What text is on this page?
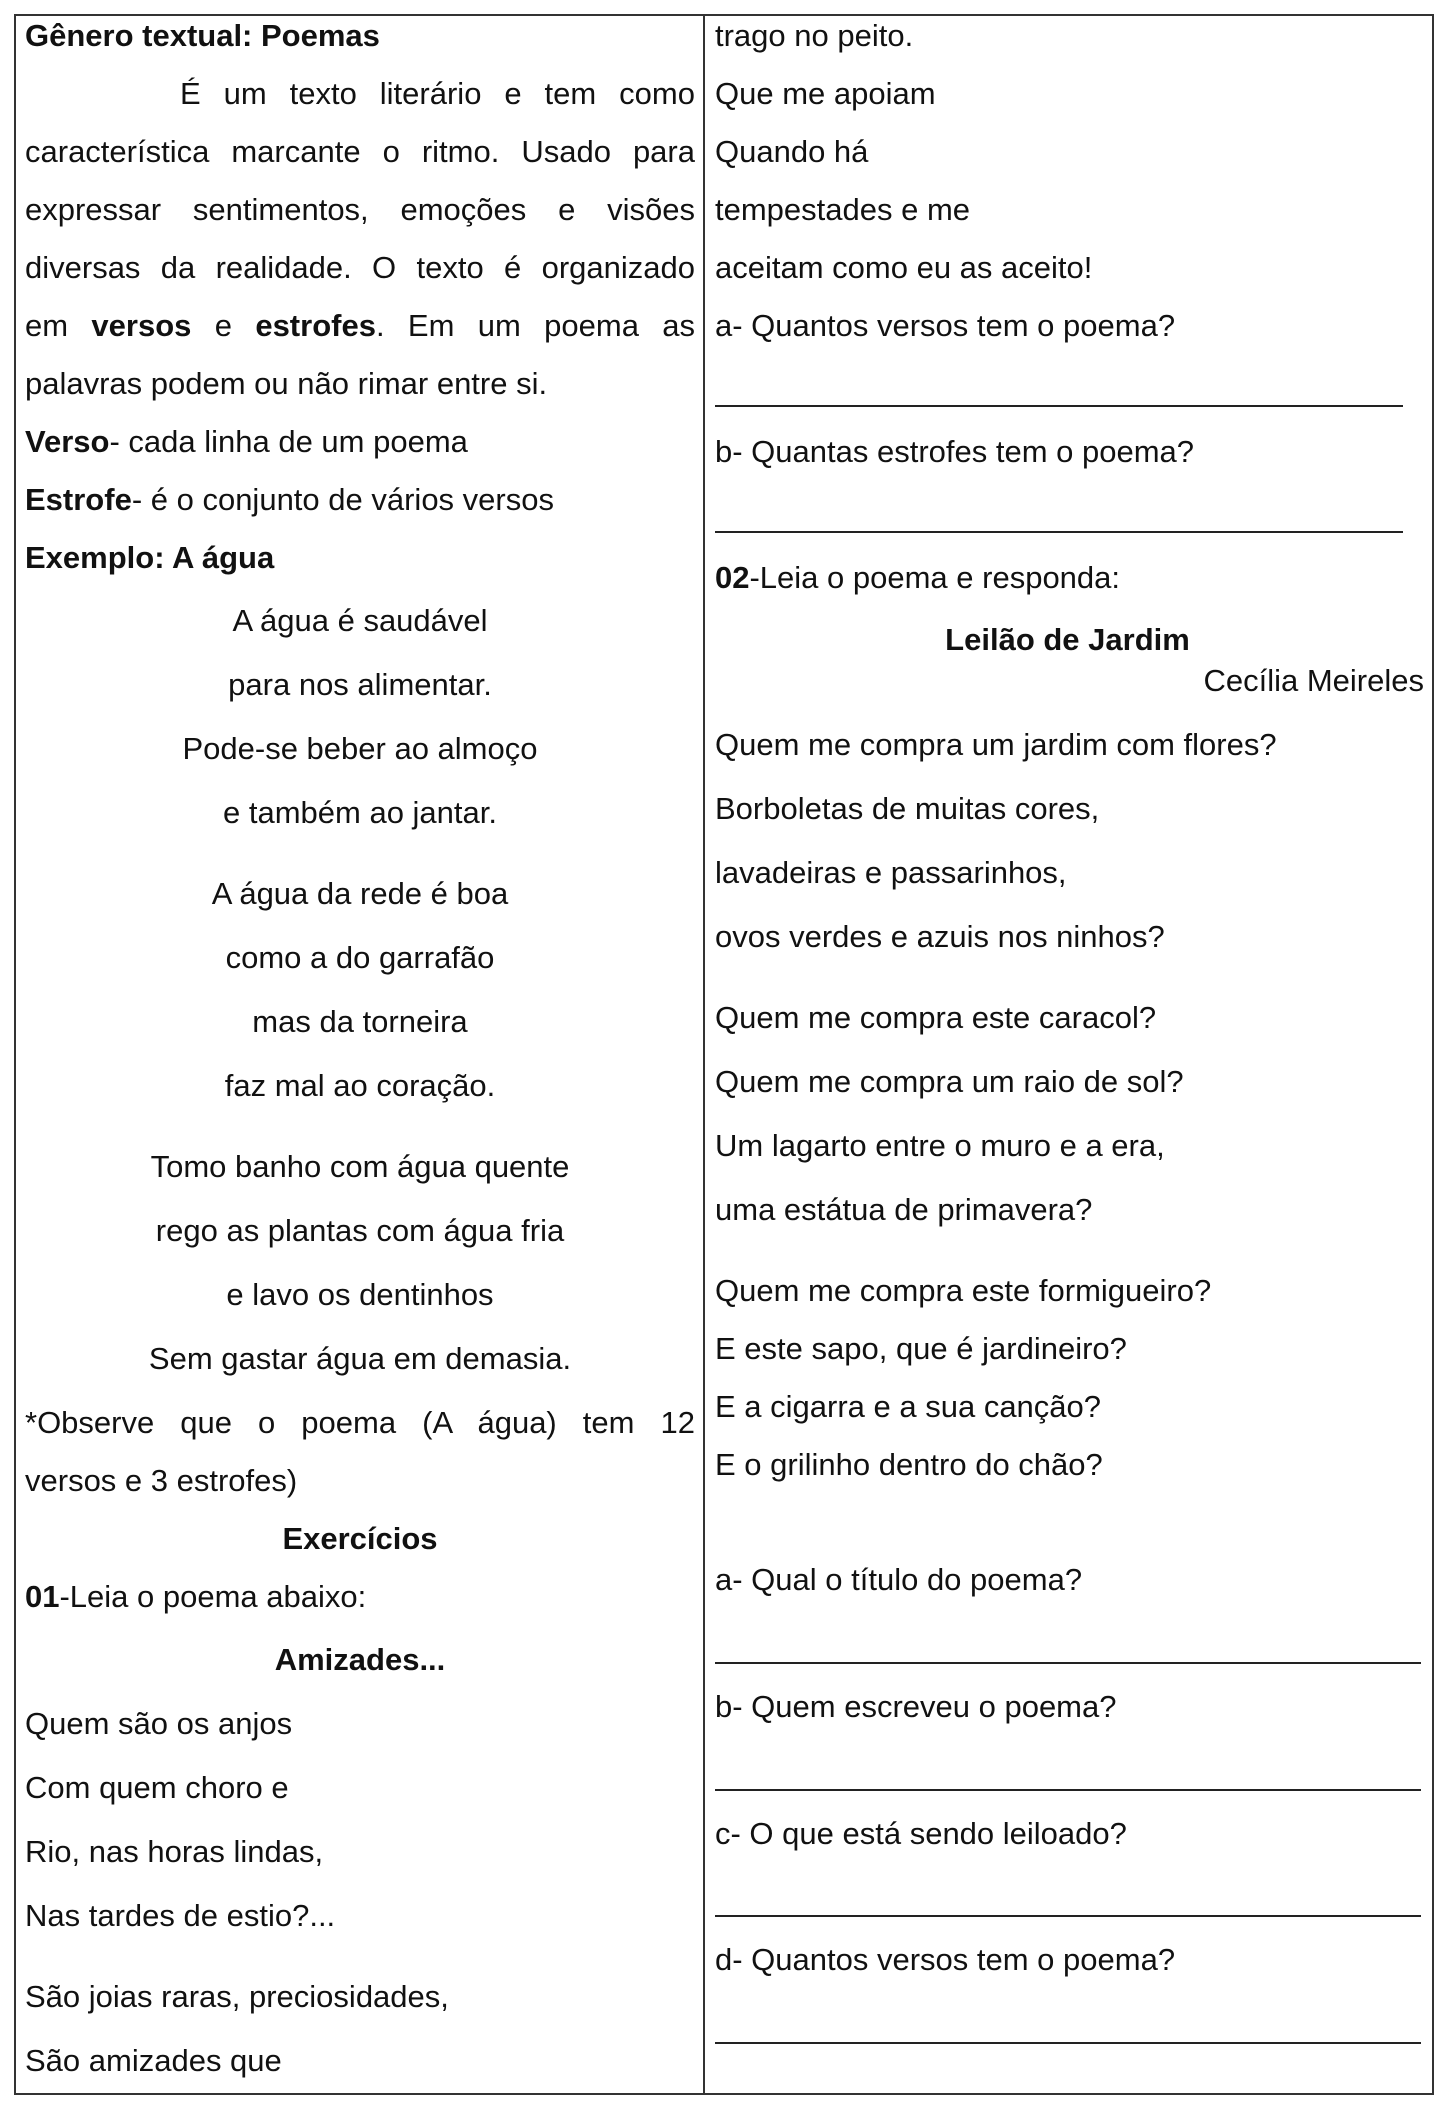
Gênero textual: Poemas
É um texto literário e tem como
característica marcante o ritmo. Usado para
expressar sentimentos, emoções e visões
diversas da realidade. O texto é organizado
em versos e estrofes. Em um poema as
palavras podem ou não rimar entre si.
Verso- cada linha de um poema
Estrofe- é o conjunto de vários versos
Exemplo: A água
A água é saudável
para nos alimentar.
Pode-se beber ao almoço
e também ao jantar.
A água da rede é boa
como a do garrafão
mas da torneira
faz mal ao coração.
Tomo banho com água quente
rego as plantas com água fria
e lavo os dentinhos
Sem gastar água em demasia.
*Observe que o poema (A água) tem 12
versos e 3 estrofes)
Exercícios
01-Leia o poema abaixo:
Amizades...
Quem são os anjos
Com quem choro e
Rio, nas horas lindas,
Nas tardes de estio?...
São joias raras, preciosidades,
São amizades que
trago no peito.
Que me apoiam
Quando há
tempestades e me
aceitam como eu as aceito!
a- Quantos versos tem o poema?
b- Quantas estrofes tem o poema?
02-Leia o poema e responda:
Leilão de Jardim
Cecília Meireles
Quem me compra um jardim com flores?
Borboletas de muitas cores,
lavadeiras e passarinhos,
ovos verdes e azuis nos ninhos?
Quem me compra este caracol?
Quem me compra um raio de sol?
Um lagarto entre o muro e a era,
uma estátua de primavera?
Quem me compra este formigueiro?
E este sapo, que é jardineiro?
E a cigarra e a sua canção?
E o grilinho dentro do chão?
a- Qual o título do poema?
b- Quem escreveu o poema?
c- O que está sendo leiloado?
d- Quantos versos tem o poema?
